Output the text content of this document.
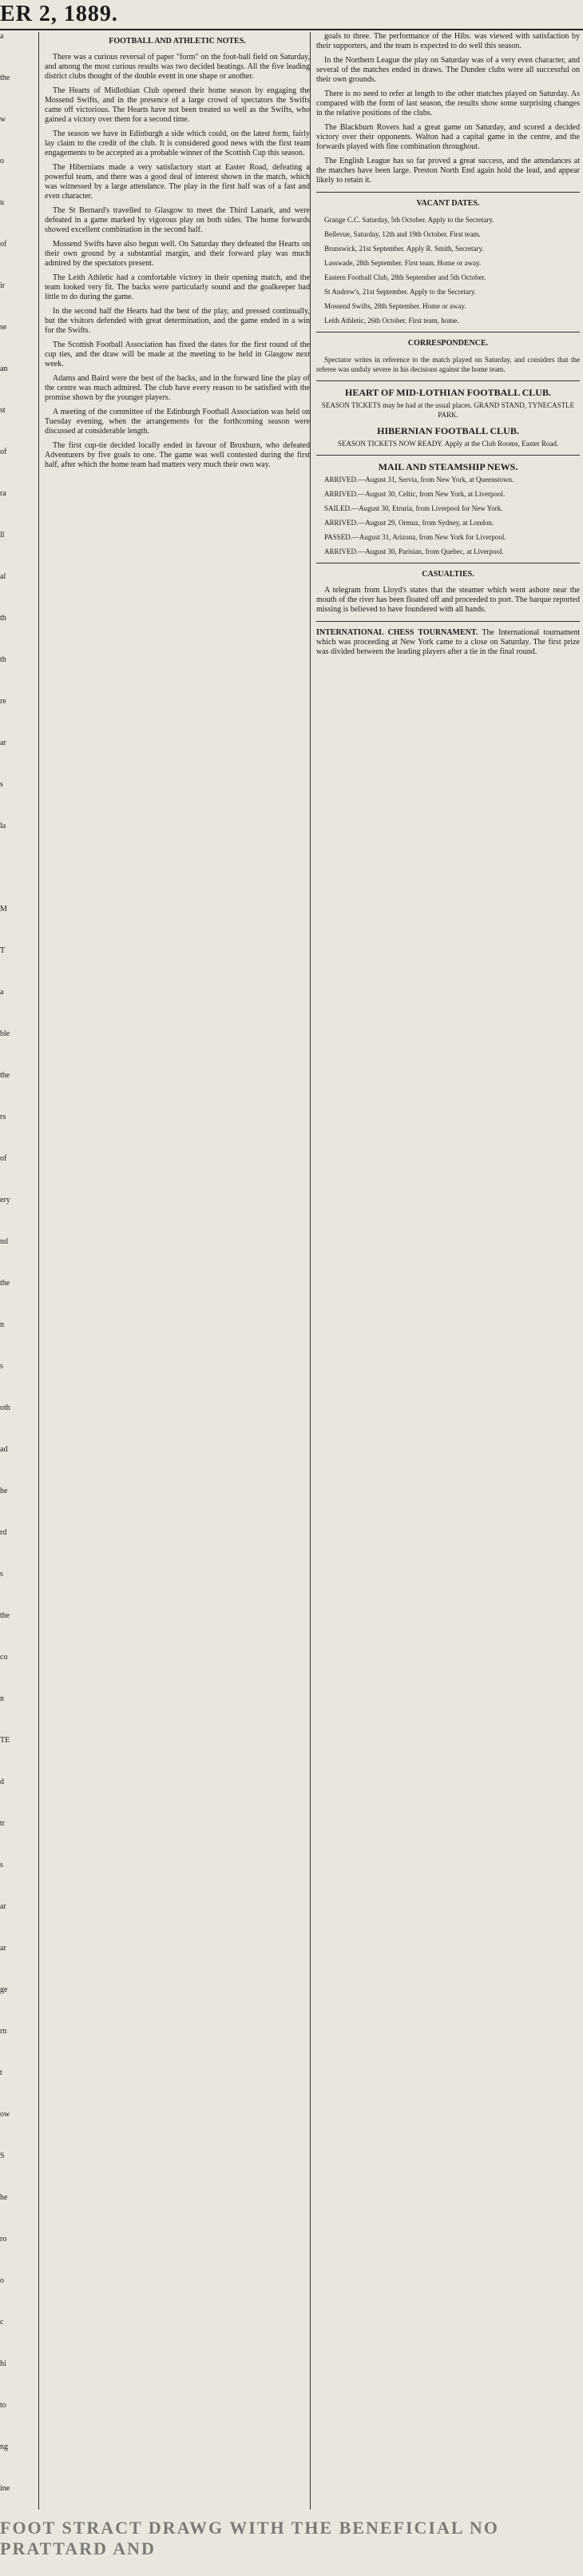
ER 2, 1889.
a
the
w
o
u
of
ir
se
an
st
of
ra
ll
al
th
th
re
ar
s
la
M
T
a
ble
the
rs
of
ery
nd
the
n
s
oth
ad
he
rd
s
the
co
n
TE
d
tr
s
ar
ar
ge
rn
t
ow
S
he
ro
o
c
hi
to
ng
ine
FOOTBALL AND ATHLETIC NOTES.
There was a curious reversal of paper "form" on the foot-ball field on Saturday, and among the most curious results was two decided beatings. All the five leading district clubs thought of the double event in one shape or another.
The Hearts of Midlothian Club opened their home season by engaging the Mossend Swifts, and in the presence of a large crowd of spectators the Swifts came off victorious. The Hearts have not been treated so well as the Swifts, who gained a victory over them for a second time.
The season we have in Edinburgh a side which could, on the latest form, fairly lay claim to the credit of the club. It is considered good news with the first team engagements to be accepted as a probable winner of the Scottish Cup this season.
The Hibernians made a very satisfactory start at Easter Road, defeating a powerful team, and there was a good deal of interest shown in the match, which was witnessed by a large attendance. The play in the first half was of a fast and even character.
The St Bernard's travelled to Glasgow to meet the Third Lanark, and were defeated in a game marked by vigorous play on both sides. The home forwards showed excellent combination in the second half.
Mossend Swifts have also begun well. On Saturday they defeated the Hearts on their own ground by a substantial margin, and their forward play was much admired by the spectators present.
The Leith Athletic had a comfortable victory in their opening match, and the team looked very fit. The backs were particularly sound and the goalkeeper had little to do during the game.
In the second half the Hearts had the best of the play, and pressed continually, but the visitors defended with great determination, and the game ended in a win for the Swifts.
The Scottish Football Association has fixed the dates for the first round of the cup ties, and the draw will be made at the meeting to be held in Glasgow next week.
Adams and Baird were the best of the backs, and in the forward line the play of the centre was much admired. The club have every reason to be satisfied with the promise shown by the younger players.
A meeting of the committee of the Edinburgh Football Association was held on Tuesday evening, when the arrangements for the forthcoming season were discussed at considerable length.
The first cup-tie decided locally ended in favour of Broxburn, who defeated Adventurers by five goals to one. The game was well contested during the first half, after which the home team had matters very much their own way.
goals to three. The performance of the Hibs. was viewed with satisfaction by their supporters, and the team is expected to do well this season.
In the Northern League the play on Saturday was of a very even character, and several of the matches ended in draws. The Dundee clubs were all successful on their own grounds.
There is no need to refer at length to the other matches played on Saturday. As compared with the form of last season, the results show some surprising changes in the relative positions of the clubs.
The Blackburn Rovers had a great game on Saturday, and scored a decided victory over their opponents. Walton had a capital game in the centre, and the forwards played with fine combination throughout.
The English League has so far proved a great success, and the attendances at the matches have been large. Preston North End again hold the lead, and appear likely to retain it.
VACANT DATES.
Grange C.C. Saturday, 5th October. Apply to the Secretary.
Bellevue, Saturday, 12th and 19th October. First team.
Brunswick, 21st September. Apply R. Smith, Secretary.
Lasswade, 28th September. First team. Home or away.
Eastern Football Club, 28th September and 5th October.
St Andrew's, 21st September. Apply to the Secretary.
Mossend Swifts, 28th September. Home or away.
Leith Athletic, 26th October. First team, home.
CORRESPONDENCE.
Spectator writes in reference to the match played on Saturday, and considers that the referee was unduly severe in his decisions against the home team.
HEART OF MID-LOTHIAN FOOTBALL CLUB.
SEASON TICKETS may be had at the usual places. GRAND STAND, TYNECASTLE PARK.
HIBERNIAN FOOTBALL CLUB.
SEASON TICKETS NOW READY. Apply at the Club Rooms, Easter Road.
MAIL AND STEAMSHIP NEWS.
ARRIVED.—August 31, Servia, from New York, at Queenstown.
ARRIVED.—August 30, Celtic, from New York, at Liverpool.
SAILED.—August 30, Etruria, from Liverpool for New York.
ARRIVED.—August 29, Ormuz, from Sydney, at London.
PASSED.—August 31, Arizona, from New York for Liverpool.
ARRIVED.—August 30, Parisian, from Quebec, at Liverpool.
CASUALTIES.
A telegram from Lloyd's states that the steamer which went ashore near the mouth of the river has been floated off and proceeded to port. The barque reported missing is believed to have foundered with all hands.
INTERNATIONAL CHESS TOURNAMENT. The International tournament which was proceeding at New York came to a close on Saturday. The first prize was divided between the leading players after a tie in the final round.
FOOT STRACT DRAWG WITH THE BENEFICIAL NO PRATTARD AND
